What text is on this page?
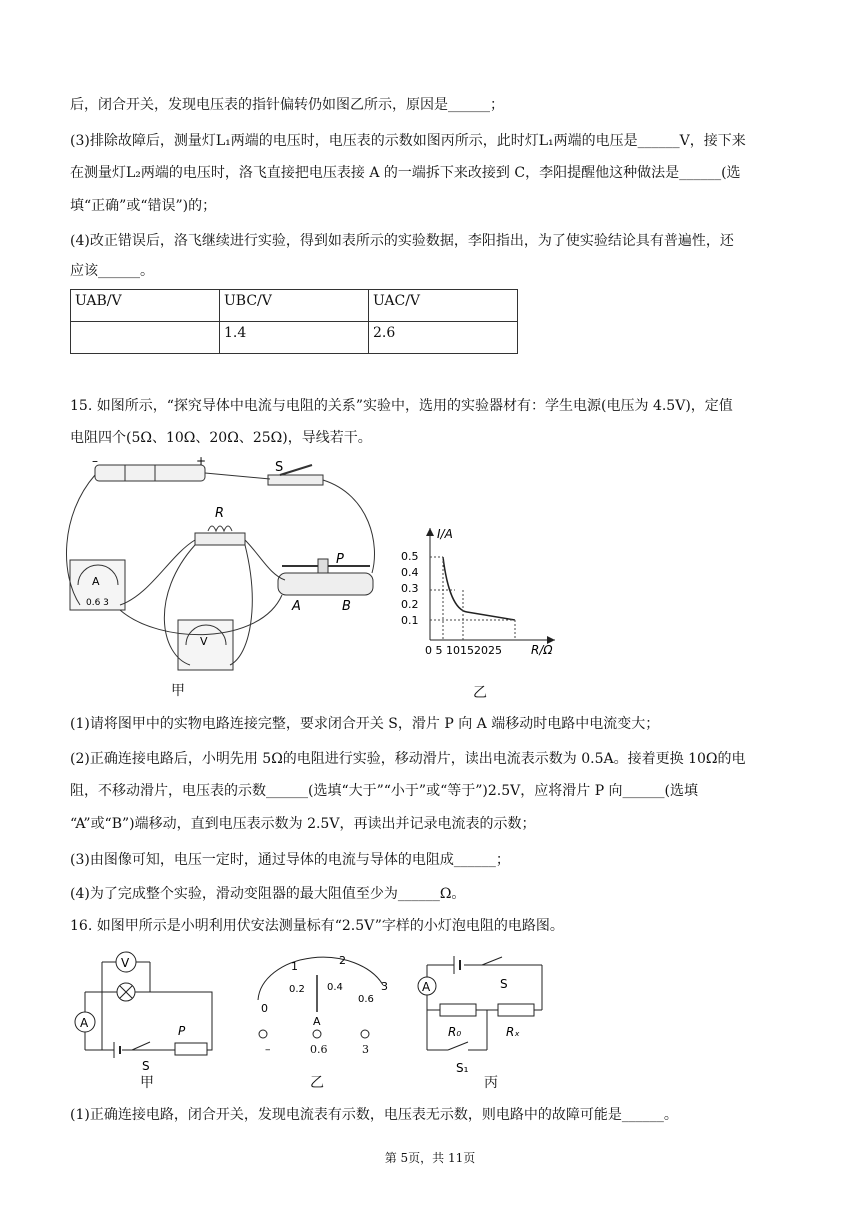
后，闭合开关，发现电压表的指针偏转仍如图乙所示，原因是______；
(3)排除故障后，测量灯L₁两端的电压时，电压表的示数如图丙所示，此时灯L₁两端的电压是______V，接下来
在测量灯L₂两端的电压时，洛飞直接把电压表接 A 的一端拆下来改接到 C，李阳提醒他这种做法是______(选
填“正确”或“错误”)的；
(4)改正错误后，洛飞继续进行实验，得到如表所示的实验数据，李阳指出，为了使实验结论具有普遍性，还
应该______。
UAB/V	UBC/V	UAC/V
	1.4	2.6
15. 如图所示，“探究导体中电流与电阻的关系”实验中，选用的实验器材有：学生电源(电压为 4.5V)，定值
电阻四个(5Ω、10Ω、20Ω、25Ω)，导线若干。
–	+	S
R
A
0.6 3
V
P
A	B
甲
I/A
R/Ω
0.5
0.4
0.3
0.2
0.1
0 5 10152025
乙
(1)请将图甲中的实物电路连接完整，要求闭合开关 S，滑片 P 向 A 端移动时电路中电流变大；
(2)正确连接电路后，小明先用 5Ω的电阻进行实验，移动滑片，读出电流表示数为 0.5A。接着更换 10Ω的电
阻，不移动滑片，电压表的示数______(选填“大于”“小于”或“等于”)2.5V，应将滑片 P 向______(选填
“A”或“B”)端移动，直到电压表示数为 2.5V，再读出并记录电流表的示数；
(3)由图像可知，电压一定时，通过导体的电流与导体的电阻成______；
(4)为了完成整个实验，滑动变阻器的最大阻值至少为______Ω。
16. 如图甲所示是小明利用伏安法测量标有“2.5V”字样的小灯泡电阻的电路图。
V
A
S
P
甲
0
1	2
3
0.2 0.4
0.6
A
–	0.6	3
乙
A
R₀	Rₓ
S₁
S
丙
(1)正确连接电路，闭合开关，发现电流表有示数，电压表无示数，则电路中的故障可能是______。
第 5页，共 11页
